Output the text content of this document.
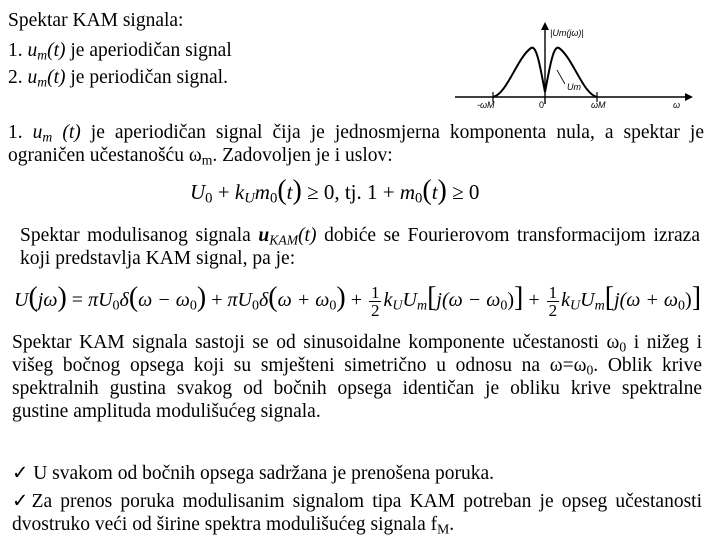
Spektar KAM signala:
1. $u_m(t)$ je aperiodičan signal
2. $u_m(t)$ je periodičan signal.
|Um(jω)|
Um
-ωM	0	ωM	ω
1. $u_m$ (t) je aperiodičan signal čija je jednosmjerna komponenta nula, a spektar je ograničen učestanošću $\omega_m$. Zadovoljen je i uslov:
$U_0 + k_Um_0(t) \ge 0$, tj. $1 + m_0(t) \ge 0$
Spektar modulisanog signala $u_{KAM}(t)$ dobiće se Fourierovom transformacijom izraza koji predstavlja KAM signal, pa je:
$U(j\omega) = \pi U_0\delta(\omega - \omega_0) + \pi U_0\delta(\omega + \omega_0) + \frac{1}{2} k_UU_m[j(\omega - \omega_0)] + \frac{1}{2} k_UU_m[j(\omega + \omega_0)]$
Spektar KAM signala sastoji se od sinusoidalne komponente učestanosti $\omega_0$ i nižeg i višeg bočnog opsega koji su smješteni simetrično u odnosu na $\omega=\omega_0$. Oblik krive spektralnih gustina svakog od bočnih opsega identičan je obliku krive spektralne gustine amplituda modulišućeg signala.
✓ U svakom od bočnih opsega sadržana je prenošena poruka.
✓Za prenos poruka modulisanim signalom tipa KAM potreban je opseg učestanosti dvostruko veći od širine spektra modulišućeg signala $f_M$.
